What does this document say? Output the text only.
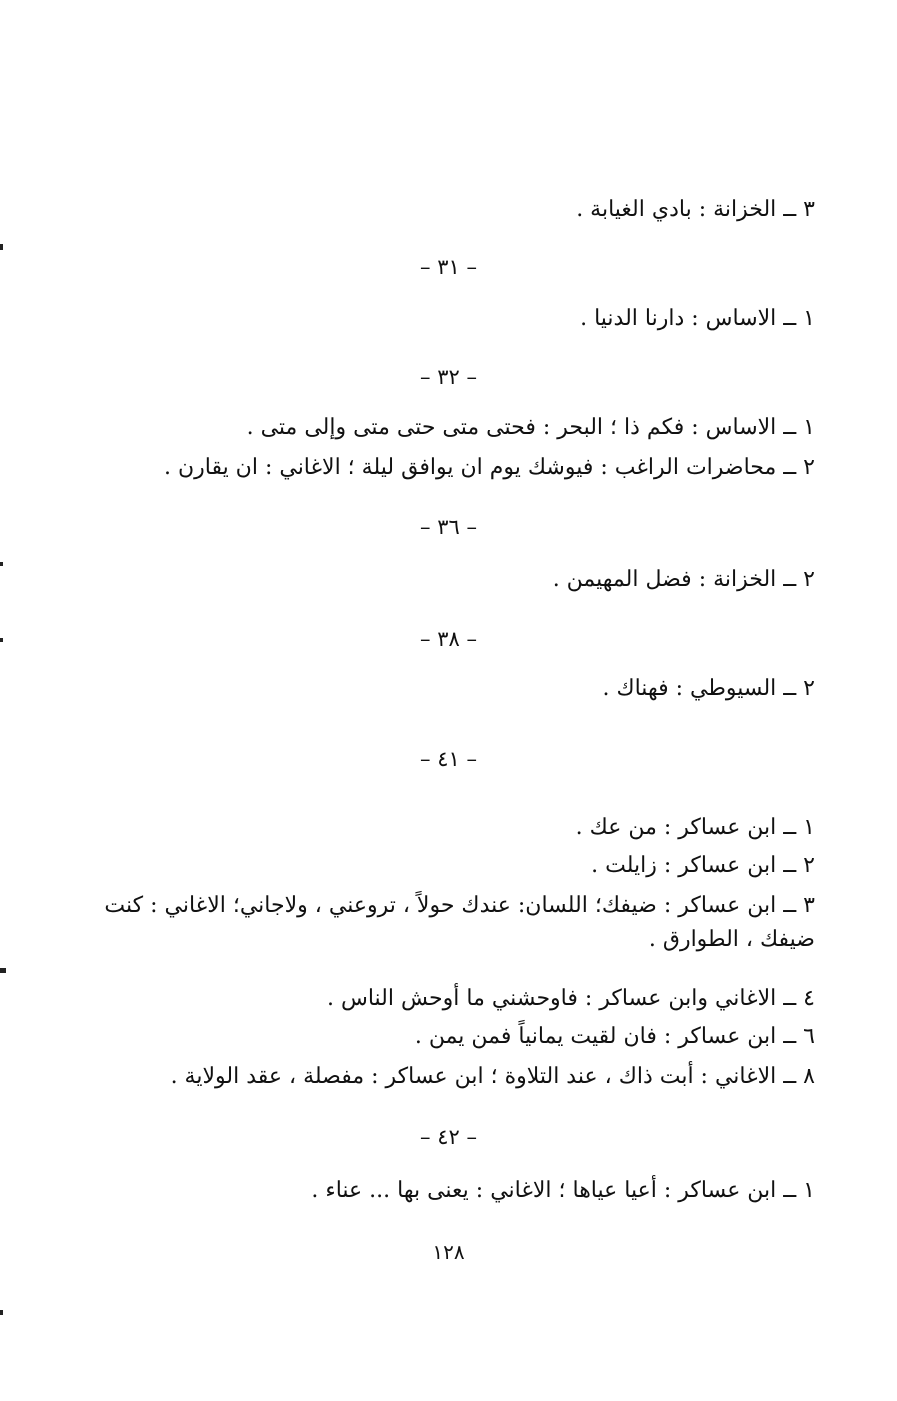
٣ ــ الخزانة : بادي الغيابة .
– ٣١ –
١ ــ الاساس : دارنا الدنيا .
– ٣٢ –
١ ــ الاساس : فكم ذا ؛ البحر : فحتى متى حتى متى وإلى متى .
٢ ــ محاضرات الراغب : فيوشك يوم ان يوافق ليلة ؛ الاغاني : ان يقارن .
– ٣٦ –
٢ ــ الخزانة : فضل المهيمن .
– ٣٨ –
٢ ــ السيوطي : فهناك .
– ٤١ –
١ ــ ابن عساكر : من عك .
٢ ــ ابن عساكر : زايلت .
٣ ــ ابن عساكر : ضيفك؛ اللسان: عندك حولاً ، تروعني ، ولاجاني؛ الاغاني : كنت ضيفك ، الطوارق .
٤ ــ الاغاني وابن عساكر : فاوحشني ما أوحش الناس .
٦ ــ ابن عساكر : فان لقيت يمانياً فمن يمن .
٨ ــ الاغاني : أبت ذاك ، عند التلاوة ؛ ابن عساكر : مفصلة ، عقد الولاية .
– ٤٢ –
١ ــ ابن عساكر : أعيا عياها ؛ الاغاني : يعنى بها ... عناء .
١٢٨
